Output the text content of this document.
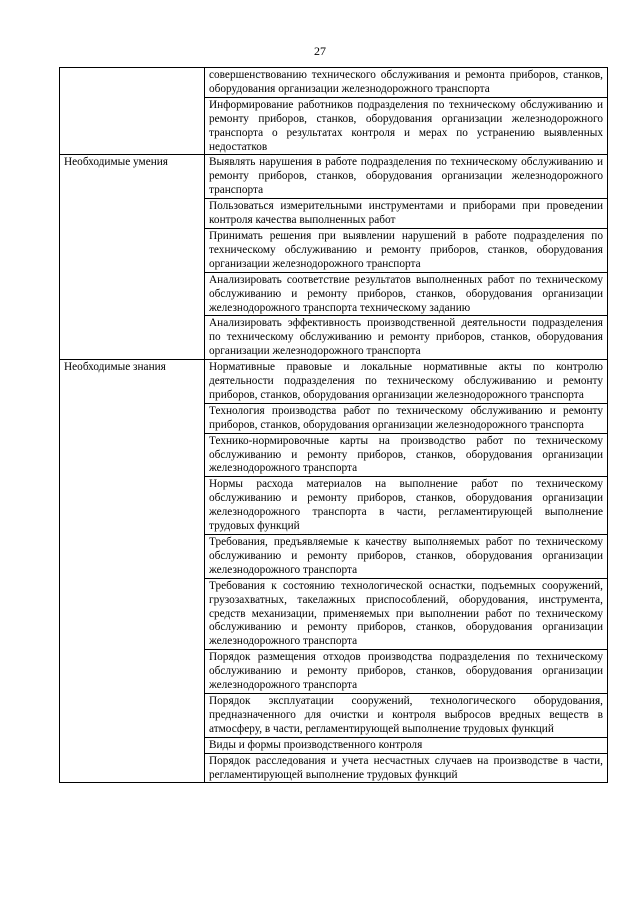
27
	совершенствованию технического обслуживания и ремонта приборов, станков, оборудования организации железнодорожного транспорта
	Информирование работников подразделения по техническому обслуживанию и ремонту приборов, станков, оборудования организации железнодорожного транспорта о результатах контроля и мерах по устранению выявленных недостатков
Необходимые умения	Выявлять нарушения в работе подразделения по техническому обслуживанию и ремонту приборов, станков, оборудования организации железнодорожного транспорта
	Пользоваться измерительными инструментами и приборами при проведении контроля качества выполненных работ
	Принимать решения при выявлении нарушений в работе подразделения по техническому обслуживанию и ремонту приборов, станков, оборудования организации железнодорожного транспорта
	Анализировать соответствие результатов выполненных работ по техническому обслуживанию и ремонту приборов, станков, оборудования организации железнодорожного транспорта техническому заданию
	Анализировать эффективность производственной деятельности подразделения по техническому обслуживанию и ремонту приборов, станков, оборудования организации железнодорожного транспорта
Необходимые знания	Нормативные правовые и локальные нормативные акты по контролю деятельности подразделения по техническому обслуживанию и ремонту приборов, станков, оборудования организации железнодорожного транспорта
	Технология производства работ по техническому обслуживанию и ремонту приборов, станков, оборудования организации железнодорожного транспорта
	Технико-нормировочные карты на производство работ по техническому обслуживанию и ремонту приборов, станков, оборудования организации железнодорожного транспорта
	Нормы расхода материалов на выполнение работ по техническому обслуживанию и ремонту приборов, станков, оборудования организации железнодорожного транспорта в части, регламентирующей выполнение трудовых функций
	Требования, предъявляемые к качеству выполняемых работ по техническому обслуживанию и ремонту приборов, станков, оборудования организации железнодорожного транспорта
	Требования к состоянию технологической оснастки, подъемных сооружений, грузозахватных, такелажных приспособлений, оборудования, инструмента, средств механизации, применяемых при выполнении работ по техническому обслуживанию и ремонту приборов, станков, оборудования организации железнодорожного транспорта
	Порядок размещения отходов производства подразделения по техническому обслуживанию и ремонту приборов, станков, оборудования организации железнодорожного транспорта
	Порядок эксплуатации сооружений, технологического оборудования, предназначенного для очистки и контроля выбросов вредных веществ в атмосферу, в части, регламентирующей выполнение трудовых функций
	Виды и формы производственного контроля
	Порядок расследования и учета несчастных случаев на производстве в части, регламентирующей выполнение трудовых функций
